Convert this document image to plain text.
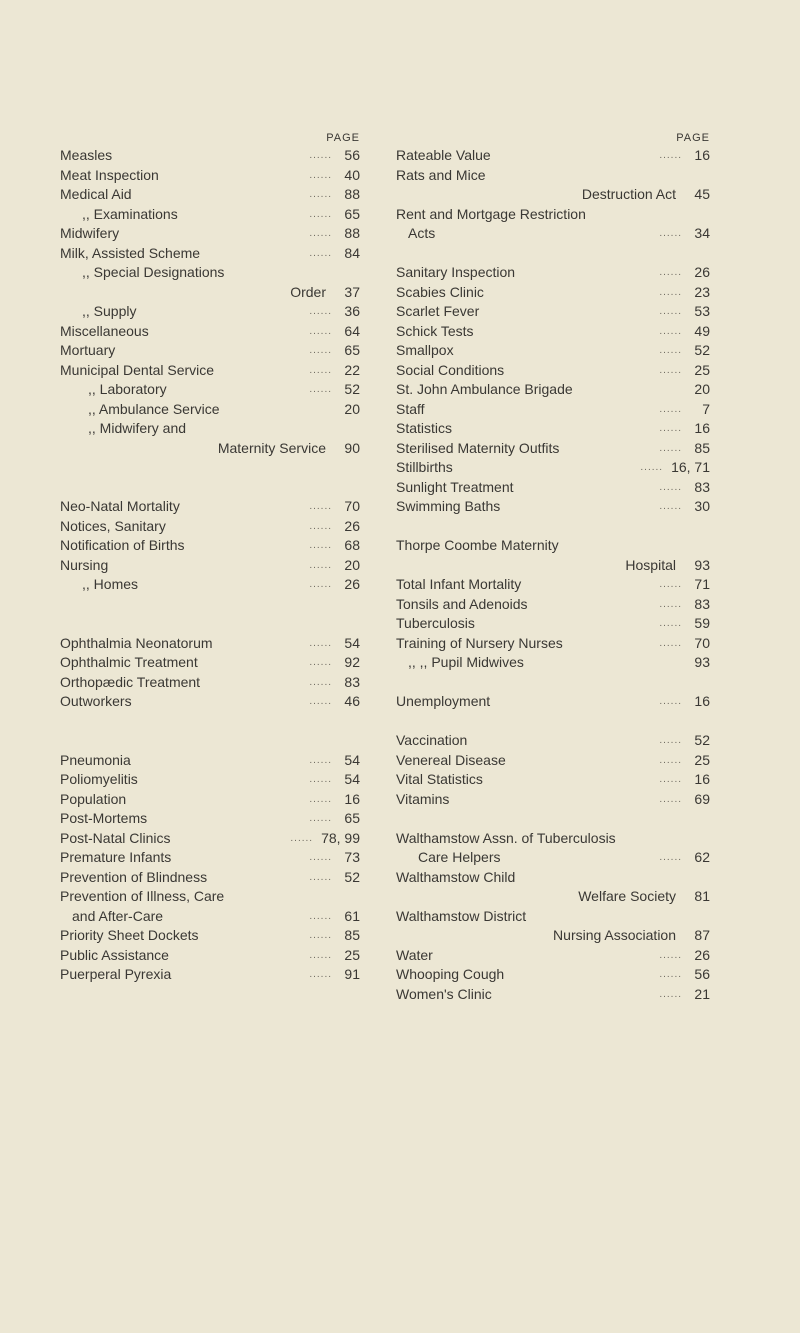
PAGE
Measles	...... 56
Meat Inspection	...... 40
Medical Aid	...... 88
,, Examinations	...... 65
Midwifery	...... 88
Milk, Assisted Scheme	...... 84
,, Special Designations
Order	37
,, Supply	...... 36
Miscellaneous	...... 64
Mortuary	...... 65
Municipal Dental Service	...... 22
,, Laboratory	...... 52
,, Ambulance Service	20
,, Midwifery and
Maternity Service	90
Neo-Natal Mortality	...... 70
Notices, Sanitary	...... 26
Notification of Births	...... 68
Nursing	...... 20
,, Homes	...... 26
Ophthalmia Neonatorum	...... 54
Ophthalmic Treatment	...... 92
Orthopædic Treatment	...... 83
Outworkers	...... 46
Pneumonia	...... 54
Poliomyelitis	...... 54
Population	...... 16
Post-Mortems	...... 65
Post-Natal Clinics	...... 78, 99
Premature Infants	...... 73
Prevention of Blindness	...... 52
Prevention of Illness, Care
and After-Care	...... 61
Priority Sheet Dockets	...... 85
Public Assistance	...... 25
Puerperal Pyrexia	...... 91
PAGE
Rateable Value	...... 16
Rats and Mice
Destruction Act	45
Rent and Mortgage Restriction
Acts	...... 34
Sanitary Inspection	...... 26
Scabies Clinic	...... 23
Scarlet Fever	...... 53
Schick Tests	...... 49
Smallpox	...... 52
Social Conditions	...... 25
St. John Ambulance Brigade	20
Staff	......	7
Statistics	...... 16
Sterilised Maternity Outfits	...... 85
Stillbirths	...... 16, 71
Sunlight Treatment	...... 83
Swimming Baths	...... 30
Thorpe Coombe Maternity
Hospital	93
Total Infant Mortality	...... 71
Tonsils and Adenoids	...... 83
Tuberculosis	...... 59
Training of Nursery Nurses	...... 70
,, ,, Pupil Midwives	93
Unemployment	...... 16
Vaccination	...... 52
Venereal Disease	...... 25
Vital Statistics	...... 16
Vitamins	...... 69
Walthamstow Assn. of Tuberculosis
Care Helpers	...... 62
Walthamstow Child
Welfare Society	81
Walthamstow District
Nursing Association	87
Water	...... 26
Whooping Cough	...... 56
Women's Clinic	...... 21
